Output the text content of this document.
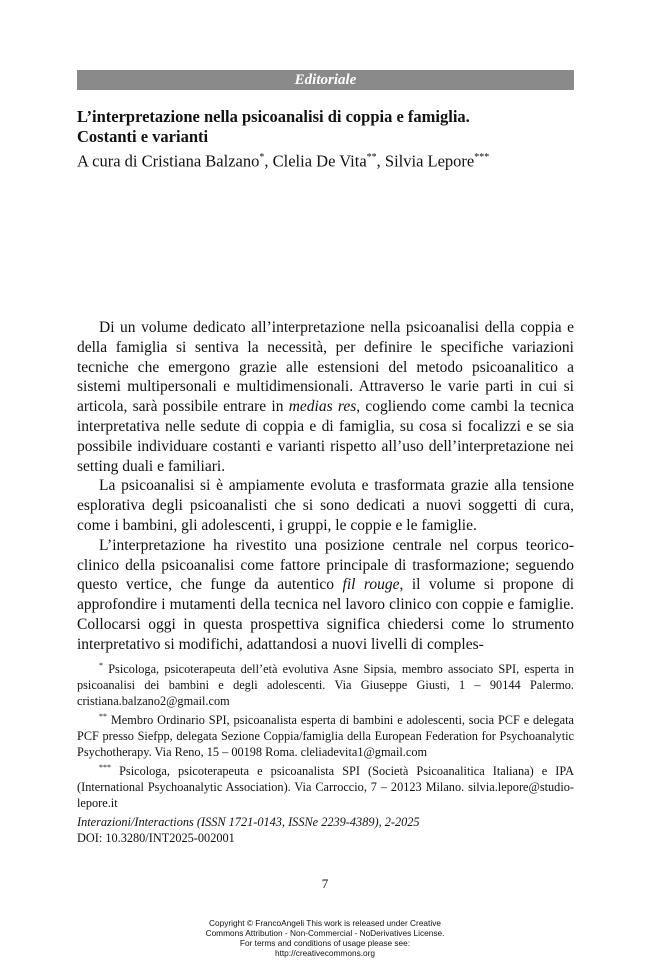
Editoriale

L’interpretazione nella psicoanalisi di coppia e famiglia.

Costanti e varianti

A cura di Cristiana Balzano*, Clelia De Vita**, Silvia Lepore***

Di un volume dedicato all’interpretazione nella psicoanalisi della coppia e della famiglia si sentiva la necessità, per definire le specifiche variazioni tecniche che emergono grazie alle estensioni del metodo psicoanalitico a sistemi multipersonali e multidimensionali. Attraverso le varie parti in cui si articola, sarà possibile entrare in medias res, cogliendo come cambi la tecnica interpretativa nelle sedute di coppia e di famiglia, su cosa si focalizzi e se sia possibile individuare costanti e varianti rispetto all’uso dell’interpretazione nei setting duali e familiari.

La psicoanalisi si è ampiamente evoluta e trasformata grazie alla tensione esplorativa degli psicoanalisti che si sono dedicati a nuovi soggetti di cura, come i bambini, gli adolescenti, i gruppi, le coppie e le famiglie.

L’interpretazione ha rivestito una posizione centrale nel corpus teorico-clinico della psicoanalisi come fattore principale di trasformazione; seguendo questo vertice, che funge da autentico fil rouge, il volume si propone di approfondire i mutamenti della tecnica nel lavoro clinico con coppie e famiglie. Collocarsi oggi in questa prospettiva significa chiedersi come lo strumento interpretativo si modifichi, adattandosi a nuovi livelli di comples-

* Psicologa, psicoterapeuta dell’età evolutiva Asne Sipsia, membro associato SPI, esperta in psicoanalisi dei bambini e degli adolescenti. Via Giuseppe Giusti, 1 – 90144 Palermo. cristiana.balzano2@gmail.com

** Membro Ordinario SPI, psicoanalista esperta di bambini e adolescenti, socia PCF e delegata PCF presso Siefpp, delegata Sezione Coppia/famiglia della European Federation for Psychoanalytic Psychotherapy. Via Reno, 15 – 00198 Roma. cleliadevita1@gmail.com

*** Psicologa, psicoterapeuta e psicoanalista SPI (Società Psicoanalitica Italiana) e IPA (International Psychoanalytic Association). Via Carroccio, 7 – 20123 Milano. silvia.lepore@studio-lepore.it

Interazioni/Interactions (ISSN 1721-0143, ISSNe 2239-4389), 2-2025
DOI: 10.3280/INT2025-002001
7
Copyright © FrancoAngeli This work is released under Creative
Commons Attribution - Non-Commercial - NoDerivatives License.
For terms and conditions of usage please see:
http://creativecommons.org
